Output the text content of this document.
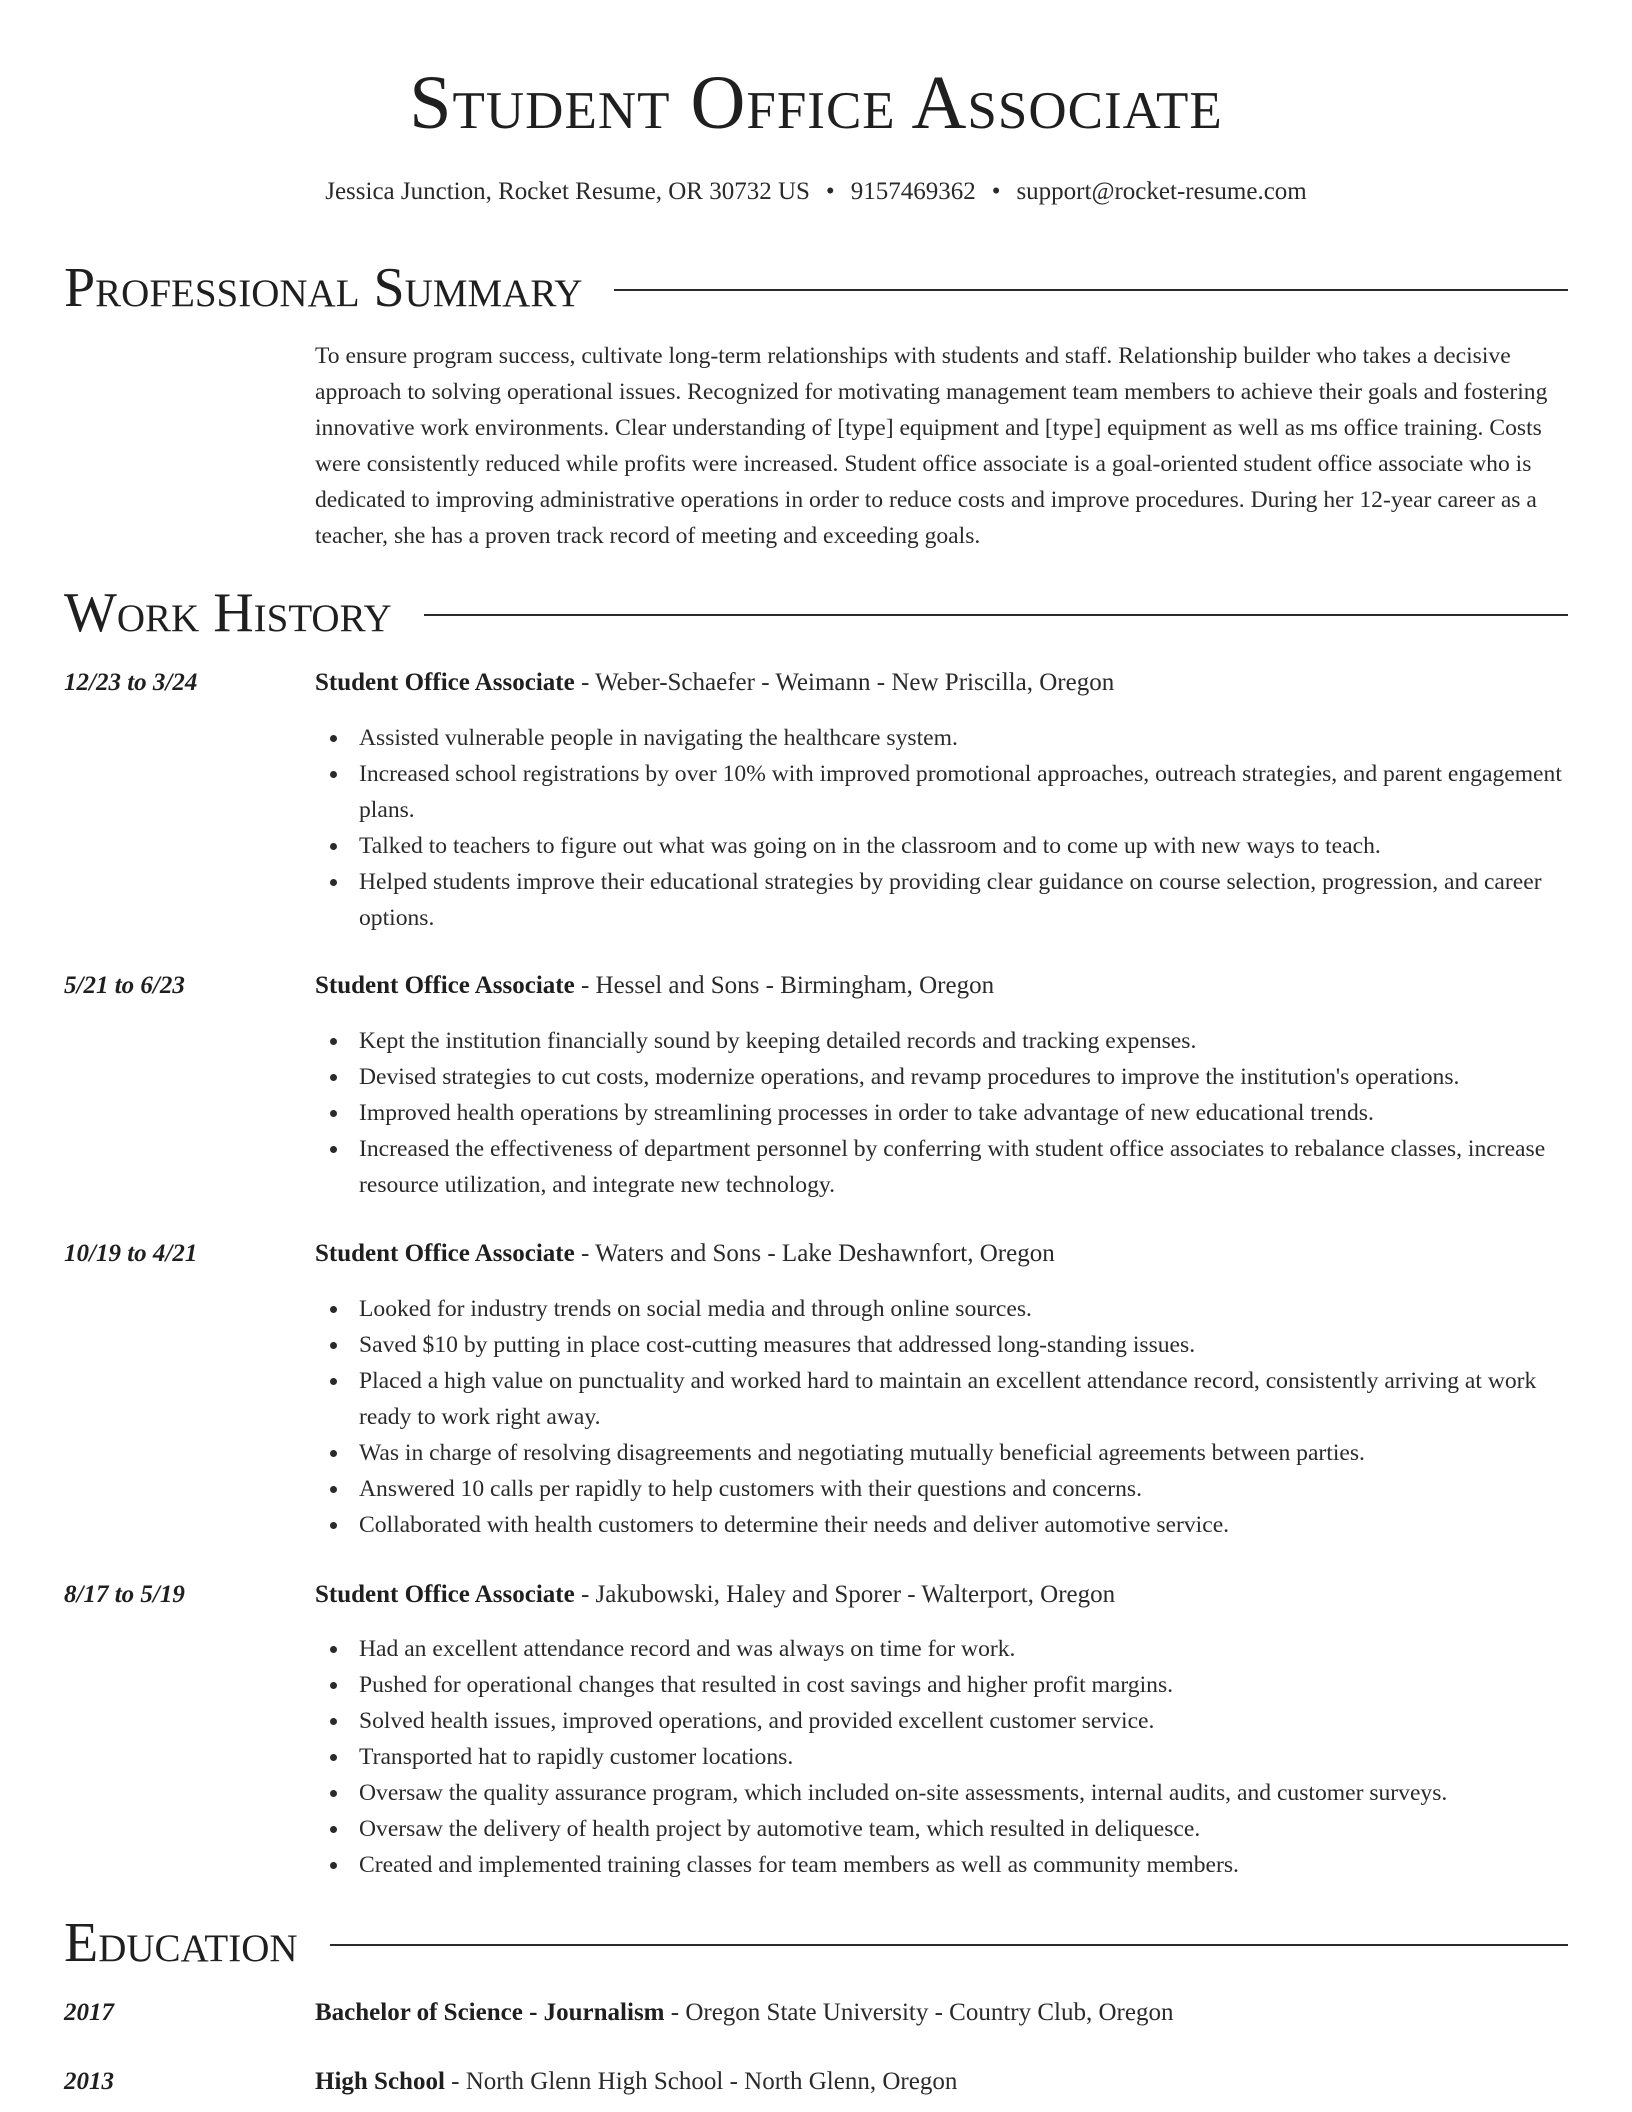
Student Office Associate
Jessica Junction, Rocket Resume, OR 30732 US • 9157469362 • support@rocket-resume.com
Professional Summary
To ensure program success, cultivate long-term relationships with students and staff. Relationship builder who takes a decisive approach to solving operational issues. Recognized for motivating management team members to achieve their goals and fostering innovative work environments. Clear understanding of [type] equipment and [type] equipment as well as ms office training. Costs were consistently reduced while profits were increased. Student office associate is a goal-oriented student office associate who is dedicated to improving administrative operations in order to reduce costs and improve procedures. During her 12-year career as a teacher, she has a proven track record of meeting and exceeding goals.
Work History
12/23 to 3/24	Student Office Associate - Weber-Schaefer - Weimann - New Priscilla, Oregon
Assisted vulnerable people in navigating the healthcare system.
Increased school registrations by over 10% with improved promotional approaches, outreach strategies, and parent engagement plans.
Talked to teachers to figure out what was going on in the classroom and to come up with new ways to teach.
Helped students improve their educational strategies by providing clear guidance on course selection, progression, and career options.
5/21 to 6/23	Student Office Associate - Hessel and Sons - Birmingham, Oregon
Kept the institution financially sound by keeping detailed records and tracking expenses.
Devised strategies to cut costs, modernize operations, and revamp procedures to improve the institution's operations.
Improved health operations by streamlining processes in order to take advantage of new educational trends.
Increased the effectiveness of department personnel by conferring with student office associates to rebalance classes, increase resource utilization, and integrate new technology.
10/19 to 4/21	Student Office Associate - Waters and Sons - Lake Deshawnfort, Oregon
Looked for industry trends on social media and through online sources.
Saved $10 by putting in place cost-cutting measures that addressed long-standing issues.
Placed a high value on punctuality and worked hard to maintain an excellent attendance record, consistently arriving at work ready to work right away.
Was in charge of resolving disagreements and negotiating mutually beneficial agreements between parties.
Answered 10 calls per rapidly to help customers with their questions and concerns.
Collaborated with health customers to determine their needs and deliver automotive service.
8/17 to 5/19	Student Office Associate - Jakubowski, Haley and Sporer - Walterport, Oregon
Had an excellent attendance record and was always on time for work.
Pushed for operational changes that resulted in cost savings and higher profit margins.
Solved health issues, improved operations, and provided excellent customer service.
Transported hat to rapidly customer locations.
Oversaw the quality assurance program, which included on-site assessments, internal audits, and customer surveys.
Oversaw the delivery of health project by automotive team, which resulted in deliquesce.
Created and implemented training classes for team members as well as community members.
Education
2017	Bachelor of Science - Journalism - Oregon State University - Country Club, Oregon
2013	High School - North Glenn High School - North Glenn, Oregon
